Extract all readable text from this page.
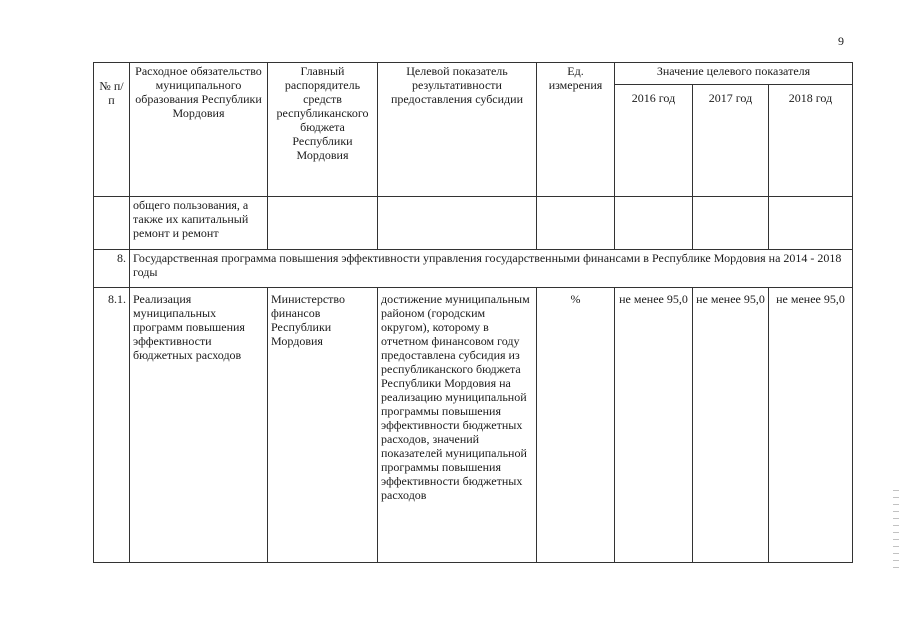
9
№ п/п	Расходное обязательство муниципального образования Республики Мордовия	Главный распорядитель средств республиканского бюджета Республики Мордовия	Целевой показатель результативности предоставления субсидии	Ед. измерения	Значение целевого показателя		
					2016 год	2017 год	2018 год
	общего пользования, а также их капитальный ремонт и ремонт						
8.	Государственная программа повышения эффективности управления государственными финансами в Республике Мордовия на 2014 - 2018 годы						
8.1.	Реализация муниципальных программ повышения эффективности бюджетных расходов	Министерство финансов Республики Мордовия	достижение муниципальным районом (городским округом), которому в отчетном финансовом году предоставлена субсидия из республиканского бюджета Республики Мордовия на реализацию муниципальной программы повышения эффективности бюджетных расходов, значений показателей муниципальной программы повышения эффективности бюджетных расходов	%	не менее 95,0	не менее 95,0	не менее 95,0
